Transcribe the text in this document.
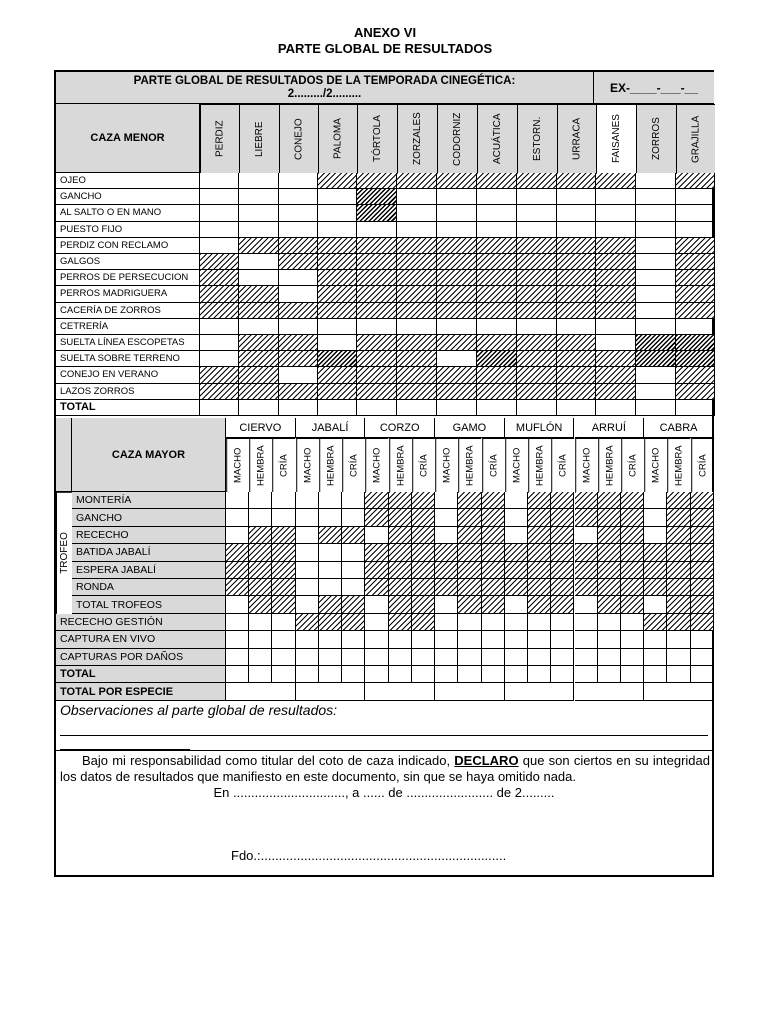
ANEXO VI
PARTE GLOBAL DE RESULTADOS
PARTE GLOBAL DE RESULTADOS DE LA TEMPORADA CINEGÉTICA:
2........./2.........	EX-____-___-__
CAZA MENOR	PERDIZ	LIEBRE	CONEJO	PALOMA	TÓRTOLA	ZORZALES	CODORNIZ	ACUÁTICA	ESTORN.	URRACA	FAISANES	ZORROS	GRAJILLA
OJEO
GANCHO
AL SALTO O EN MANO
PUESTO FIJO
PERDIZ CON RECLAMO
GALGOS
PERROS DE PERSECUCION
PERROS MADRIGUERA
CACERÍA DE ZORROS
CETRERÍA
SUELTA LÍNEA ESCOPETAS
SUELTA SOBRE TERRENO
CONEJO EN VERANO
LAZOS ZORROS
TOTAL
CAZA MAYOR
CIERVO
MACHO	HEMBRA	CRÍA
JABALÍ
MACHO	HEMBRA	CRÍA
CORZO
MACHO	HEMBRA	CRÍA
GAMO
MACHO	HEMBRA	CRÍA
MUFLÓN
MACHO	HEMBRA	CRÍA
ARRUÍ
MACHO	HEMBRA	CRÍA
CABRA
MACHO	HEMBRA	CRÍA
TROFEO
MONTERÍA
GANCHO
RECECHO
BATIDA JABALÍ
ESPERA JABALÍ
RONDA
TOTAL TROFEOS
RECECHO GESTIÓN
CAPTURA EN VIVO
CAPTURAS POR DAÑOS
TOTAL
TOTAL POR ESPECIE
Observaciones al parte global de resultados:
Bajo mi responsabilidad como titular del coto de caza indicado, DECLARO que son ciertos en su integridad los datos de resultados que manifiesto en este documento, sin que se haya omitido nada.
En ..............................., a ...... de ........................ de 2.........
Fdo.:....................................................................
